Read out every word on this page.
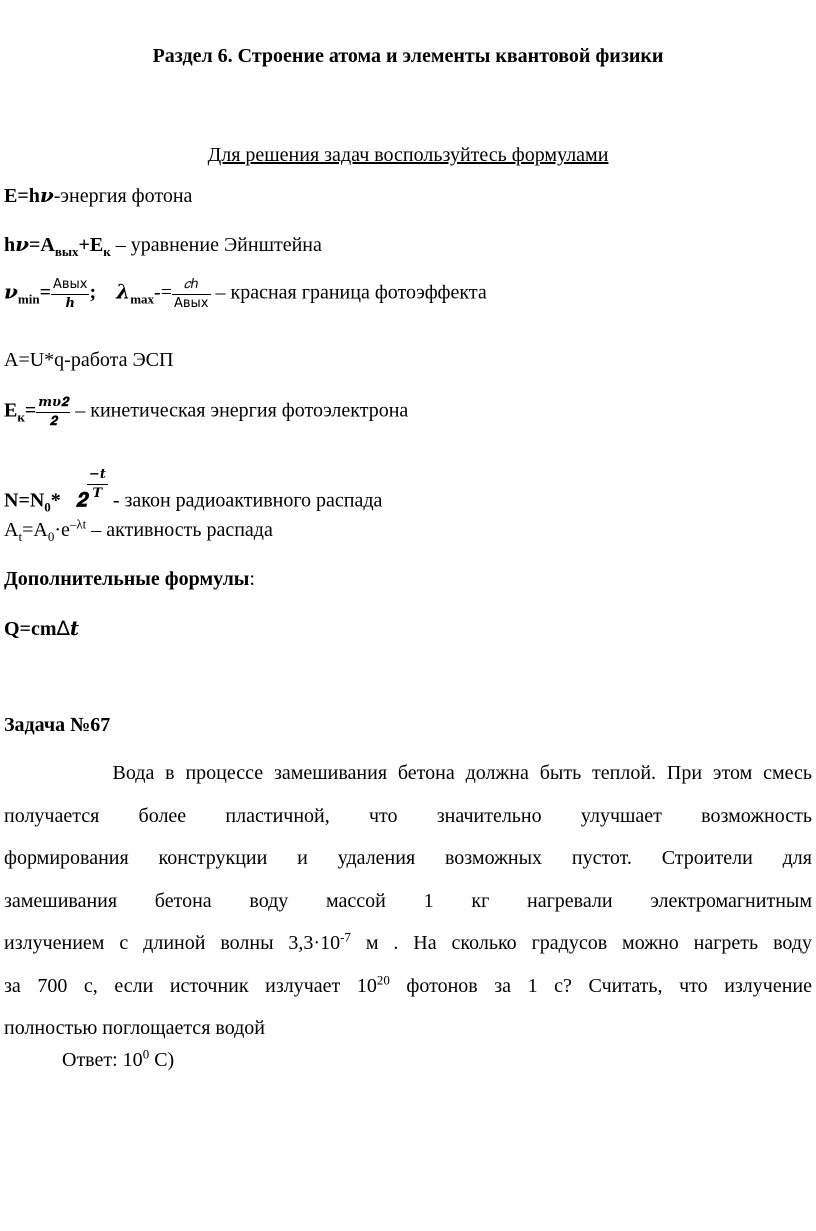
Раздел 6. Строение атома и элементы квантовой физики
Для решения задач воспользуйтесь формулами
E=h𝝂-энергия фотона
$h𝝂=A_{вых}+E_к$ – уравнение Эйнштейна
𝝂$_{min}$= $\frac{\text{Aвых}}{\text{𝒉}}$ ; 𝝀$_{max}$-= $\frac{\text{𝑐ℎ}}{\text{Aвых}}$ – красная граница фотоэффекта
A=U*q-работа ЭСП
$E_к= \frac{\text{𝒎𝝊𝟐}}{𝟐}$ – кинетическая энергия фотоэлектрона
$N=N_0*$   𝟐 $\frac{\text{−𝒕}}{\text{𝑻}}$
- закон радиоактивного распада
$A_t=A_0\cdot e^{-\lambda t}$ – активность распада
Дополнительные формулы:
Q=cm∆𝒕
Задача №67
Вода в процессе замешивания бетона должна быть теплой. При этом смесь
получается более пластичной, что значительно улучшает возможность
формирования конструкции и удаления возможных пустот. Строители для
замешивания бетона воду массой 1 кг нагревали электромагнитным
излучением с длиной волны $3,3\cdot 10^{-7}$ м . На сколько градусов можно нагреть воду
за 700 с, если источник излучает $10^{20}$ фотонов за 1 с? Считать, что излучение
полностью поглощается водой
Ответ: $10^0$ С)
